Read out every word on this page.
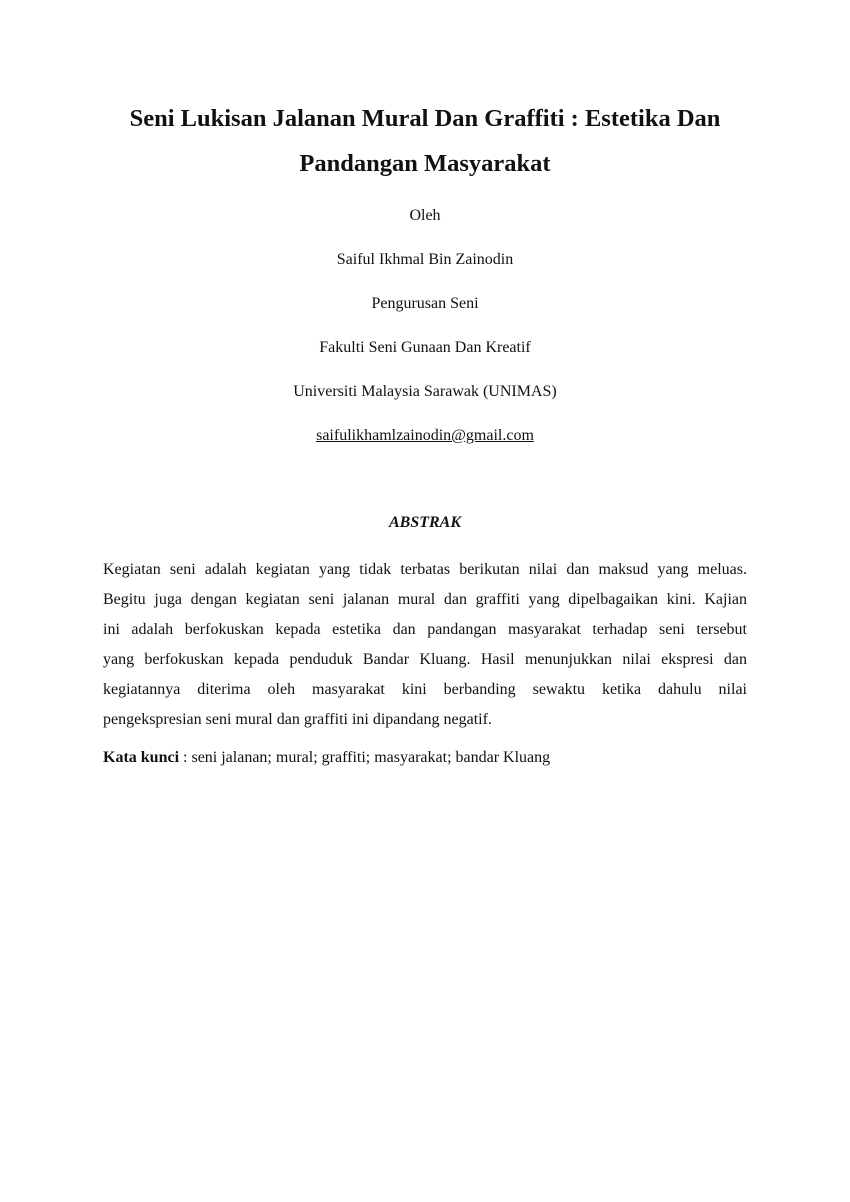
Seni Lukisan Jalanan Mural Dan Graffiti : Estetika Dan
Pandangan Masyarakat
Oleh
Saiful Ikhmal Bin Zainodin
Pengurusan Seni
Fakulti Seni Gunaan Dan Kreatif
Universiti Malaysia Sarawak (UNIMAS)
saifulikhamlzainodin@gmail.com
ABSTRAK

Kegiatan seni adalah kegiatan yang tidak terbatas berikutan nilai dan maksud yang meluas.
Begitu juga dengan kegiatan seni jalanan mural dan graffiti yang dipelbagaikan kini. Kajian
ini adalah berfokuskan kepada estetika dan pandangan masyarakat terhadap seni tersebut
yang berfokuskan kepada penduduk Bandar Kluang. Hasil menunjukkan nilai ekspresi dan
kegiatannya diterima oleh masyarakat kini berbanding sewaktu ketika dahulu nilai
pengekspresian seni mural dan graffiti ini dipandang negatif.

Kata kunci : seni jalanan; mural; graffiti; masyarakat; bandar Kluang
